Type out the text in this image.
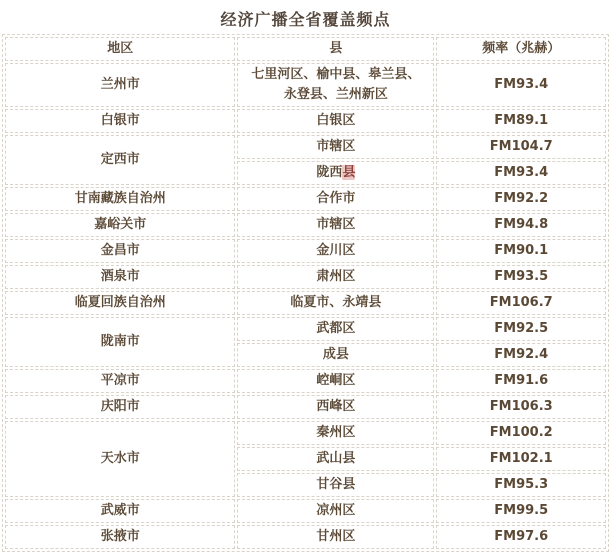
经济广播全省覆盖频点
地区	县	频率（兆赫）
兰州市	七里河区、榆中县、皋兰县、永登县、兰州新区	FM93.4
白银市	白银区	FM89.1
定西市	市辖区	FM104.7
	陇西县	FM93.4
甘南藏族自治州	合作市	FM92.2
嘉峪关市	市辖区	FM94.8
金昌市	金川区	FM90.1
酒泉市	肃州区	FM93.5
临夏回族自治州	临夏市、永靖县	FM106.7
陇南市	武都区	FM92.5
	成县	FM92.4
平凉市	崆峒区	FM91.6
庆阳市	西峰区	FM106.3
天水市	秦州区	FM100.2
	武山县	FM102.1
	甘谷县	FM95.3
武威市	凉州区	FM99.5
张掖市	甘州区	FM97.6
